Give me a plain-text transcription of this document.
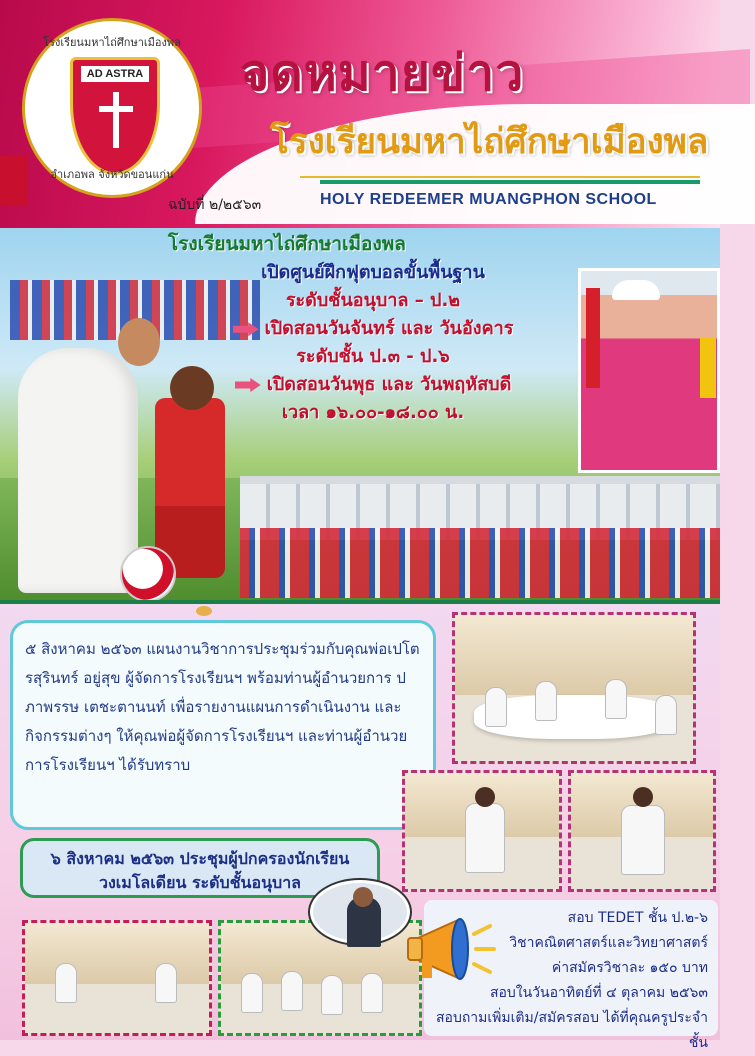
โรงเรียนมหาไถ่ศึกษาเมืองพล
AD ASTRA
อำเภอพล จังหวัดขอนแก่น
จดหมายข่าว
โรงเรียนมหาไถ่ศึกษาเมืองพล
ฉบับที่ ๒/๒๕๖๓	HOLY REDEEMER MUANGPHON SCHOOL
โรงเรียนมหาไถ่ศึกษาเมืองพล
เปิดศูนย์ฝึกฟุตบอลขั้นพื้นฐาน
ระดับชั้นอนุบาล – ป.๒
เปิดสอนวันจันทร์ และ วันอังคาร
ระดับชั้น ป.๓ - ป.๖
เปิดสอนวันพุธ และ วันพฤหัสบดี
เวลา ๑๖.๐๐-๑๘.๐๐ น.

๕ สิงหาคม ๒๕๖๓ แผนงานวิชาการประชุมร่วมกับคุณพ่อเปโตรสุรินทร์ อยู่สุข ผู้จัดการโรงเรียนฯ พร้อมท่านผู้อำนวยการ ปภาพรรษ เตชะตานนท์ เพื่อรายงานแผนการดำเนินงาน และกิจกรรมต่างๆ ให้คุณพ่อผู้จัดการโรงเรียนฯ และท่านผู้อำนวยการโรงเรียนฯ ได้รับทราบ

๖ สิงหาคม ๒๕๖๓ ประชุมผู้ปกครองนักเรียน
วงเมโลเดียน ระดับชั้นอนุบาล
สอบ TEDET ชั้น ป.๒-๖
วิชาคณิตศาสตร์และวิทยาศาสตร์
ค่าสมัครวิชาละ ๑๕๐ บาท
สอบในวันอาทิตย์ที่ ๔ ตุลาคม ๒๕๖๓
สอบถามเพิ่มเติม/สมัครสอบ ได้ที่คุณครูประจำชั้น
